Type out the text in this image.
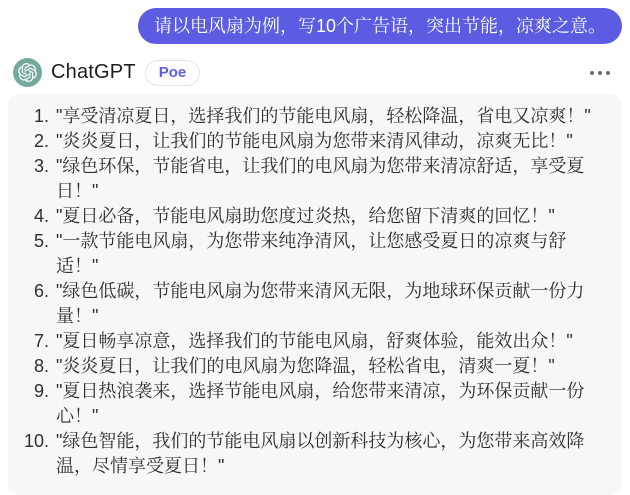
请以电风扇为例，写10个广告语，突出节能，凉爽之意。
ChatGPT	Poe
1. "享受清凉夏日，选择我们的节能电风扇，轻松降温，省电又凉爽！"
2. "炎炎夏日，让我们的节能电风扇为您带来清风律动，凉爽无比！"
3. "绿色环保，节能省电，让我们的电风扇为您带来清凉舒适，享受夏日！"
4. "夏日必备，节能电风扇助您度过炎热，给您留下清爽的回忆！"
5. "一款节能电风扇，为您带来纯净清风，让您感受夏日的凉爽与舒适！"
6. "绿色低碳，节能电风扇为您带来清风无限，为地球环保贡献一份力量！"
7. "夏日畅享凉意，选择我们的节能电风扇，舒爽体验，能效出众！"
8. "炎炎夏日，让我们的电风扇为您降温，轻松省电，清爽一夏！"
9. "夏日热浪袭来，选择节能电风扇，给您带来清凉，为环保贡献一份心！"
10. "绿色智能，我们的节能电风扇以创新科技为核心，为您带来高效降温，尽情享受夏日！"
